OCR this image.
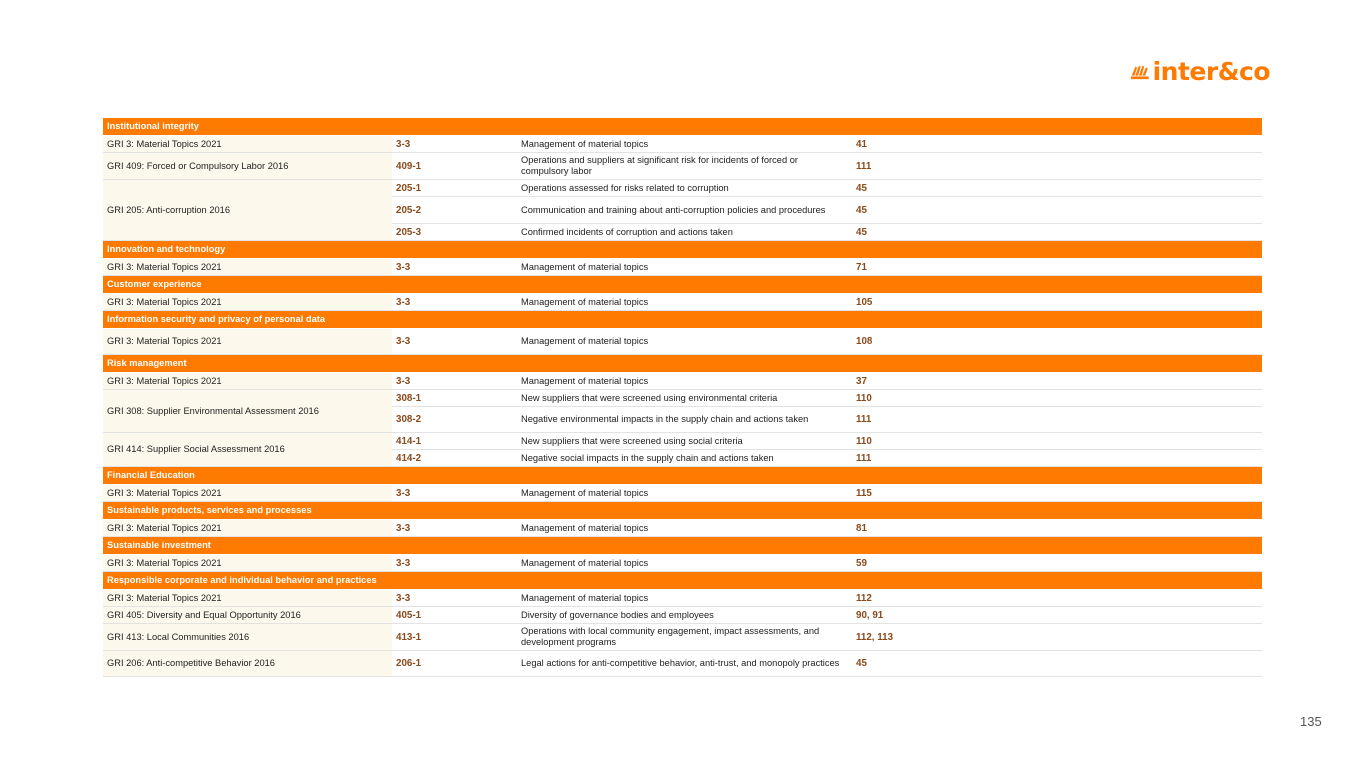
inter&co
Institutional integrity				
GRI 3: Material Topics 2021	3-3	Management of material topics	41	
GRI 409: Forced or Compulsory Labor 2016	409-1	Operations and suppliers at significant risk for incidents of forced or compulsory labor	111	
GRI 205: Anti-corruption 2016	205-1	Operations assessed for risks related to corruption	45	
	205-2	Communication and training about anti-corruption policies and procedures	45	
	205-3	Confirmed incidents of corruption and actions taken	45	
Innovation and technology				
GRI 3: Material Topics 2021	3-3	Management of material topics	71	
Customer experience				
GRI 3: Material Topics 2021	3-3	Management of material topics	105	
Information security and privacy of personal data				
GRI 3: Material Topics 2021	3-3	Management of material topics	108	
Risk management				
GRI 3: Material Topics 2021	3-3	Management of material topics	37	
GRI 308: Supplier Environmental Assessment 2016	308-1	New suppliers that were screened using environmental criteria	110	
	308-2	Negative environmental impacts in the supply chain and actions taken	111	
GRI 414: Supplier Social Assessment 2016	414-1	New suppliers that were screened using social criteria	110	
	414-2	Negative social impacts in the supply chain and actions taken	111	
Financial Education				
GRI 3: Material Topics 2021	3-3	Management of material topics	115	
Sustainable products, services and processes				
GRI 3: Material Topics 2021	3-3	Management of material topics	81	
Sustainable investment				
GRI 3: Material Topics 2021	3-3	Management of material topics	59	
Responsible corporate and individual behavior and practices				
GRI 3: Material Topics 2021	3-3	Management of material topics	112	
GRI 405: Diversity and Equal Opportunity 2016	405-1	Diversity of governance bodies and employees	90, 91	
GRI 413: Local Communities 2016	413-1	Operations with local community engagement, impact assessments, and development programs	112, 113	
GRI 206: Anti-competitive Behavior 2016	206-1	Legal actions for anti-competitive behavior, anti-trust, and monopoly practices	45	
135
